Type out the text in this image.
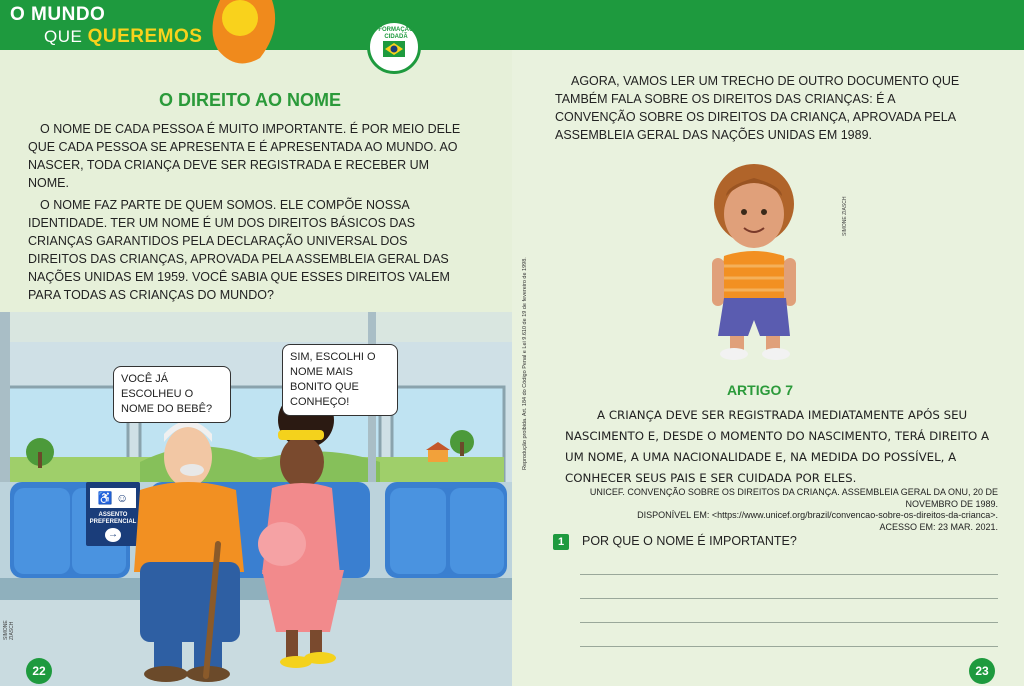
♿ ☺
ASSENTO
PREFERENCIAL
→
SIMONE ZIASCH
O MUNDO
QUE QUEREMOS	FORMAÇÃO CIDADÃ
O DIREITO AO NOME

O NOME DE CADA PESSOA É MUITO IMPORTANTE. É POR MEIO DELE QUE CADA PESSOA SE APRESENTA E É APRESENTADA AO MUNDO. AO NASCER, TODA CRIANÇA DEVE SER REGISTRADA E RECEBER UM NOME.

O NOME FAZ PARTE DE QUEM SOMOS. ELE COMPÕE NOSSA IDENTIDADE. TER UM NOME É UM DOS DIREITOS BÁSICOS DAS CRIANÇAS GARANTIDOS PELA DECLARAÇÃO UNIVERSAL DOS DIREITOS DAS CRIANÇAS, APROVADA PELA ASSEMBLEIA GERAL DAS NAÇÕES UNIDAS EM 1959. VOCÊ SABIA QUE ESSES DIREITOS VALEM PARA TODAS AS CRIANÇAS DO MUNDO?

VOCÊ JÁ ESCOLHEU O NOME DO BEBÊ?
SIM, ESCOLHI O NOME MAIS BONITO QUE CONHEÇO!
22
Reprodução proibida. Art. 184 do Código Penal e Lei 9.610 de 19 de fevereiro de 1998.

AGORA, VAMOS LER UM TRECHO DE OUTRO DOCUMENTO QUE TAMBÉM FALA SOBRE OS DIREITOS DAS CRIANÇAS: É A CONVENÇÃO SOBRE OS DIREITOS DA CRIANÇA, APROVADA PELA ASSEMBLEIA GERAL DAS NAÇÕES UNIDAS EM 1989.

SIMONE ZIASCH
ARTIGO 7

A CRIANÇA DEVE SER REGISTRADA IMEDIATAMENTE APÓS SEU NASCIMENTO E, DESDE O MOMENTO DO NASCIMENTO, TERÁ DIREITO A UM NOME, A UMA NACIONALIDADE E, NA MEDIDA DO POSSÍVEL, A CONHECER SEUS PAIS E SER CUIDADA POR ELES.

UNICEF. CONVENÇÃO SOBRE OS DIREITOS DA CRIANÇA. ASSEMBLEIA GERAL DA ONU, 20 DE NOVEMBRO DE 1989.
DISPONÍVEL EM: <https://www.unicef.org/brazil/convencao-sobre-os-direitos-da-crianca>.
ACESSO EM: 23 MAR. 2021.
1	POR QUE O NOME É IMPORTANTE?
23
